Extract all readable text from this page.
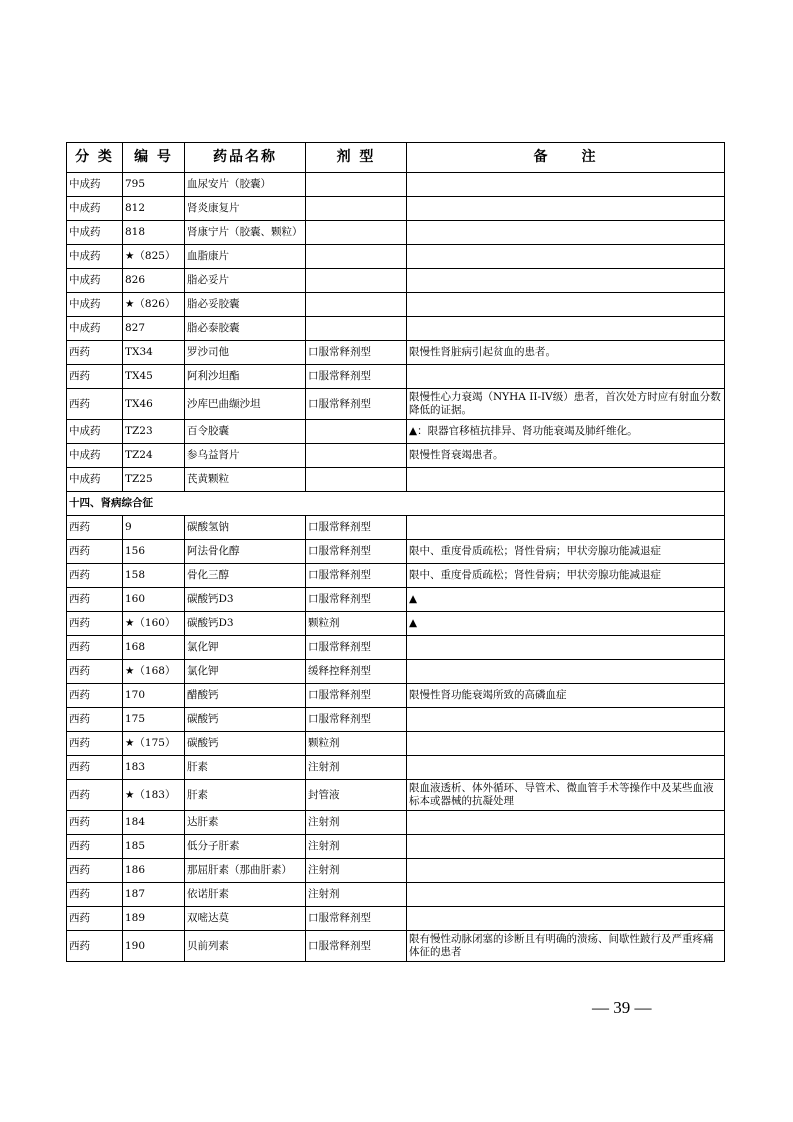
分 类	编 号	药品名称	剂 型	备　　注
中成药	795	血尿安片（胶囊）		
中成药	812	肾炎康复片		
中成药	818	肾康宁片（胶囊、颗粒）		
中成药	★（825）	血脂康片		
中成药	826	脂必妥片		
中成药	★（826）	脂必妥胶囊		
中成药	827	脂必泰胶囊		
西药	TX34	罗沙司他	口服常释剂型	限慢性肾脏病引起贫血的患者。
西药	TX45	阿利沙坦酯	口服常释剂型	
西药	TX46	沙库巴曲缬沙坦	口服常释剂型	限慢性心力衰竭（NYHA II-IV级）患者，首次处方时应有射血分数降低的证据。
中成药	TZ23	百令胶囊		▲：限器官移植抗排异、肾功能衰竭及肺纤维化。
中成药	TZ24	参乌益肾片		限慢性肾衰竭患者。
中成药	TZ25	芪黄颗粒		
十四、肾病综合征				
西药	9	碳酸氢钠	口服常释剂型	
西药	156	阿法骨化醇	口服常释剂型	限中、重度骨质疏松；肾性骨病；甲状旁腺功能减退症
西药	158	骨化三醇	口服常释剂型	限中、重度骨质疏松；肾性骨病；甲状旁腺功能减退症
西药	160	碳酸钙D3	口服常释剂型	▲
西药	★（160）	碳酸钙D3	颗粒剂	▲
西药	168	氯化钾	口服常释剂型	
西药	★（168）	氯化钾	缓释控释剂型	
西药	170	醋酸钙	口服常释剂型	限慢性肾功能衰竭所致的高磷血症
西药	175	碳酸钙	口服常释剂型	
西药	★（175）	碳酸钙	颗粒剂	
西药	183	肝素	注射剂	
西药	★（183）	肝素	封管液	限血液透析、体外循环、导管术、微血管手术等操作中及某些血液标本或器械的抗凝处理
西药	184	达肝素	注射剂	
西药	185	低分子肝素	注射剂	
西药	186	那屈肝素（那曲肝素）	注射剂	
西药	187	依诺肝素	注射剂	
西药	189	双嘧达莫	口服常释剂型	
西药	190	贝前列素	口服常释剂型	限有慢性动脉闭塞的诊断且有明确的溃疡、间歇性跛行及严重疼痛体征的患者
— 39 —
